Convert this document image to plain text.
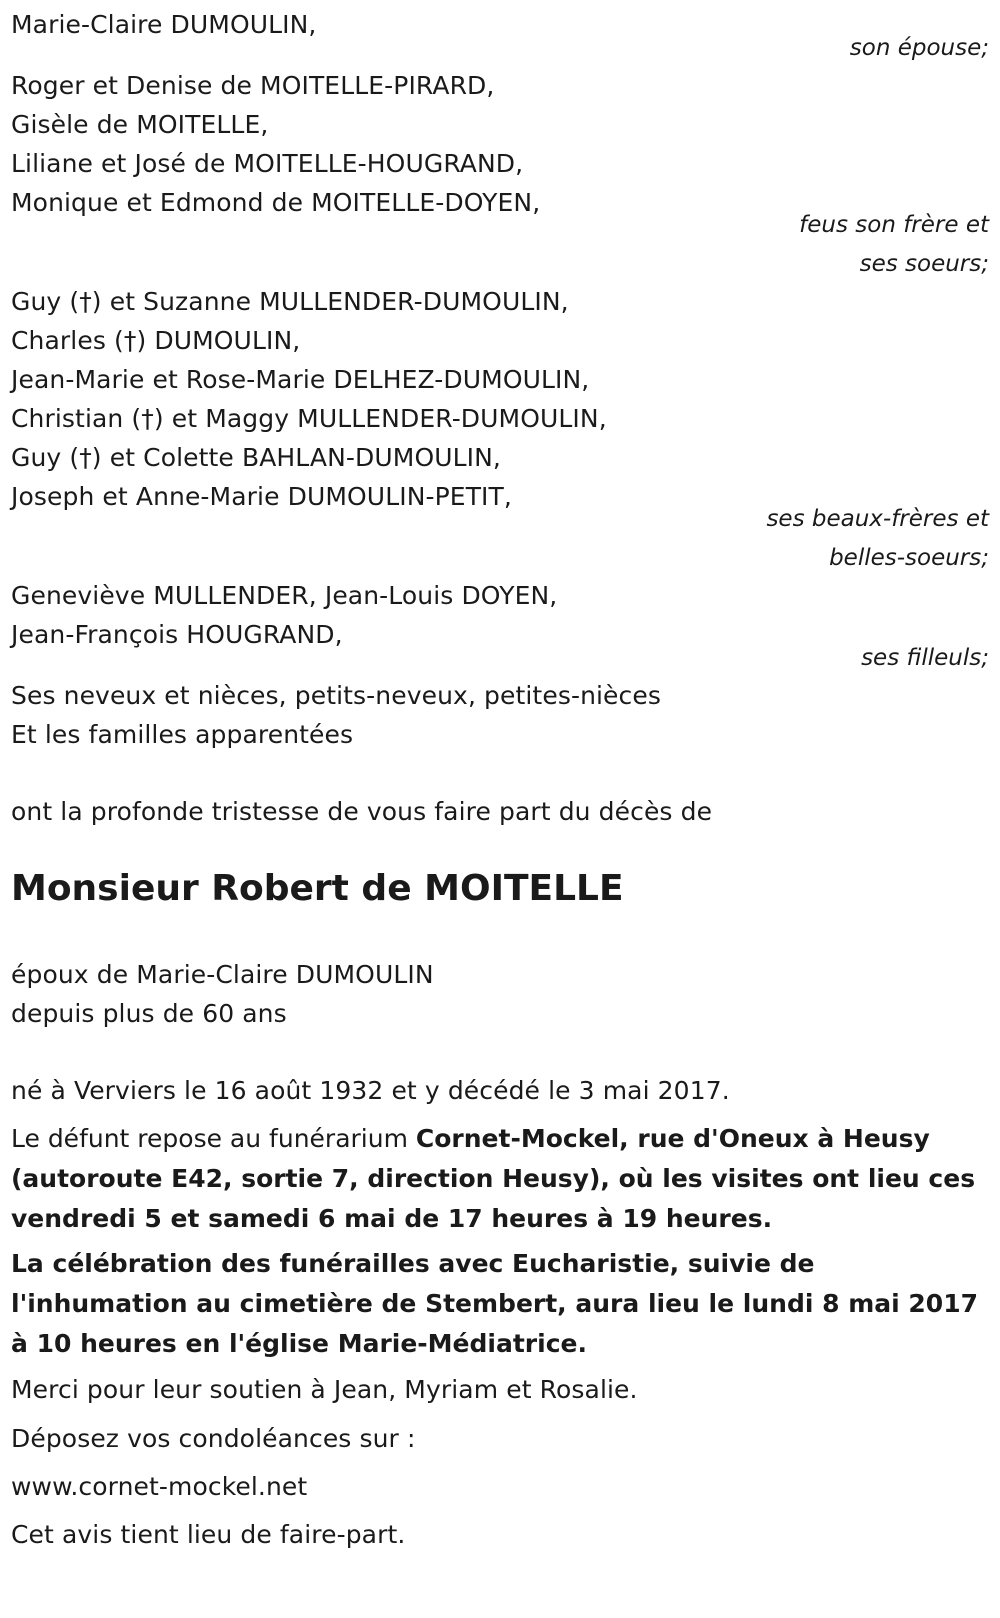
Marie-Claire DUMOULIN,
son épouse;
Roger et Denise de MOITELLE-PIRARD,
Gisèle de MOITELLE,
Liliane et José de MOITELLE-HOUGRAND,
Monique et Edmond de MOITELLE-DOYEN,
feus son frère et
ses soeurs;
Guy (†) et Suzanne MULLENDER-DUMOULIN,
Charles (†) DUMOULIN,
Jean-Marie et Rose-Marie DELHEZ-DUMOULIN,
Christian (†) et Maggy MULLENDER-DUMOULIN,
Guy (†) et Colette BAHLAN-DUMOULIN,
Joseph et Anne-Marie DUMOULIN-PETIT,
ses beaux-frères et
belles-soeurs;
Geneviève MULLENDER, Jean-Louis DOYEN,
Jean-François HOUGRAND,
ses filleuls;
Ses neveux et nièces, petits-neveux, petites-nièces
Et les familles apparentées
ont la profonde tristesse de vous faire part du décès de
Monsieur Robert de MOITELLE
époux de Marie-Claire DUMOULIN
depuis plus de 60 ans
né à Verviers le 16 août 1932 et y décédé le 3 mai 2017.
Le défunt repose au funérarium Cornet-Mockel, rue d'Oneux à Heusy (autoroute E42, sortie 7, direction Heusy), où les visites ont lieu ces vendredi 5 et samedi 6 mai de 17 heures à 19 heures.
La célébration des funérailles avec Eucharistie, suivie de l'inhumation au cimetière de Stembert, aura lieu le lundi 8 mai 2017 à 10 heures en l'église Marie-Médiatrice.
Merci pour leur soutien à Jean, Myriam et Rosalie.
Déposez vos condoléances sur :
www.cornet-mockel.net
Cet avis tient lieu de faire-part.
